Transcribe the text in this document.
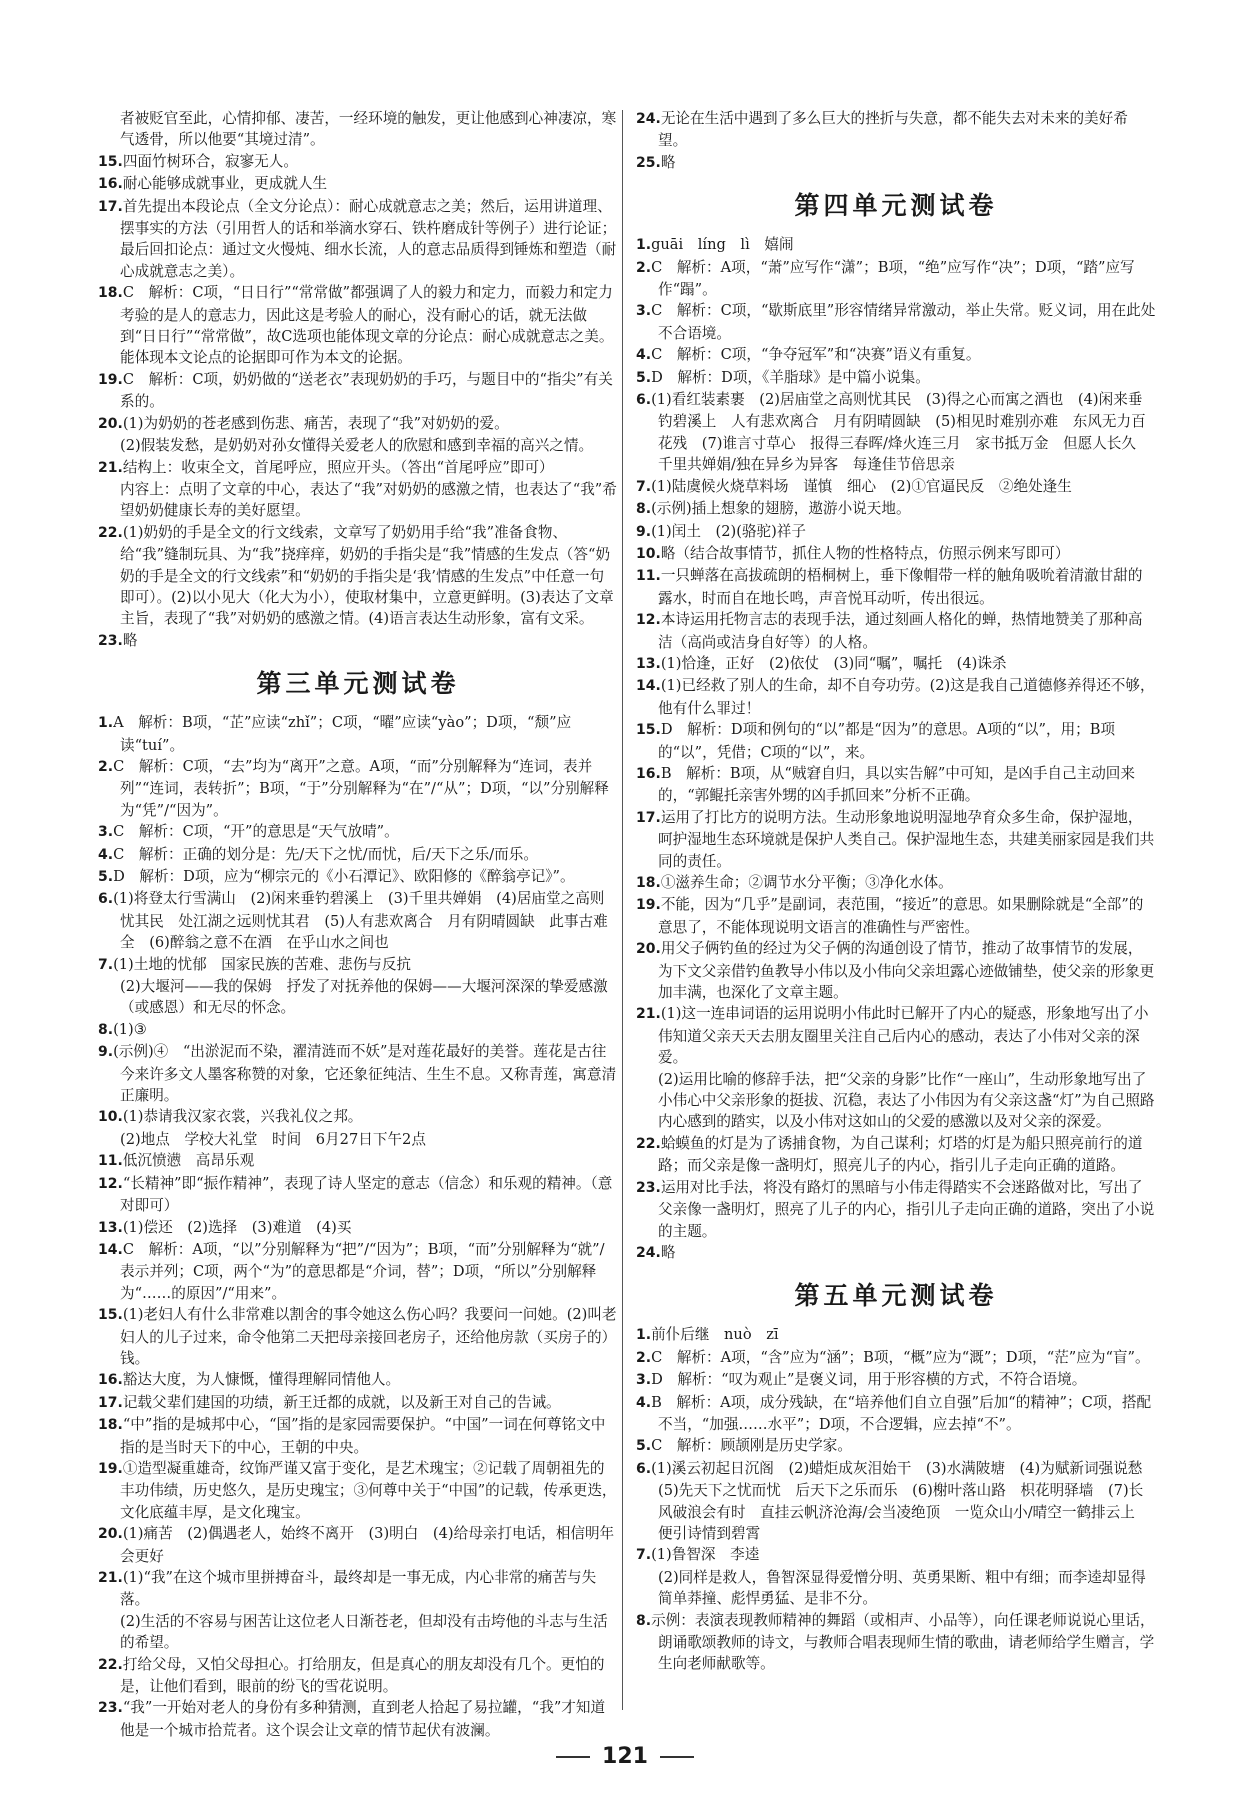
者被贬官至此，心情抑郁、凄苦，一经环境的触发，更让他感到心神凄凉，寒气透骨，所以他要“其境过清”。

15.四面竹树环合，寂寥无人。

16.耐心能够成就事业，更成就人生

17.首先提出本段论点（全文分论点）：耐心成就意志之美；然后，运用讲道理、摆事实的方法（引用哲人的话和举滴水穿石、铁杵磨成针等例子）进行论证；最后回扣论点：通过文火慢炖、细水长流，人的意志品质得到锤炼和塑造（耐心成就意志之美）。

18.C　解析：C项，“日日行”“常常做”都强调了人的毅力和定力，而毅力和定力考验的是人的意志力，因此这是考验人的耐心，没有耐心的话，就无法做到“日日行”“常常做”，故C选项也能体现文章的分论点：耐心成就意志之美。能体现本文论点的论据即可作为本文的论据。

19.C　解析：C项，奶奶做的“送老衣”表现奶奶的手巧，与题目中的“指尖”有关系的。

20.(1)为奶奶的苍老感到伤悲、痛苦，表现了“我”对奶奶的爱。

(2)假装发愁，是奶奶对孙女懂得关爱老人的欣慰和感到幸福的高兴之情。

21.结构上：收束全文，首尾呼应，照应开头。（答出“首尾呼应”即可）

内容上：点明了文章的中心，表达了“我”对奶奶的感激之情，也表达了“我”希望奶奶健康长寿的美好愿望。

22.(1)奶奶的手是全文的行文线索，文章写了奶奶用手给“我”准备食物、给“我”缝制玩具、为“我”挠痒痒，奶奶的手指尖是“我”情感的生发点（答“奶奶的手是全文的行文线索”和“奶奶的手指尖是‘我’情感的生发点”中任意一句即可）。(2)以小见大（化大为小），使取材集中，立意更鲜明。(3)表达了文章主旨，表现了“我”对奶奶的感激之情。(4)语言表达生动形象，富有文采。

23.略

第三单元测试卷

1.A　解析：B项，“芷”应读“zhǐ”；C项，“曜”应读“yào”；D项，“颓”应读“tuí”。

2.C　解析：C项，“去”均为“离开”之意。A项，“而”分别解释为“连词，表并列”“连词，表转折”；B项，“于”分别解释为“在”/“从”；D项，“以”分别解释为“凭”/“因为”。

3.C　解析：C项，“开”的意思是“天气放晴”。

4.C　解析：正确的划分是：先/天下之忧/而忧，后/天下之乐/而乐。

5.D　解析：D项，应为“柳宗元的《小石潭记》、欧阳修的《醉翁亭记》”。

6.(1)将登太行雪满山　(2)闲来垂钓碧溪上　(3)千里共婵娟　(4)居庙堂之高则忧其民　处江湖之远则忧其君　(5)人有悲欢离合　月有阴晴圆缺　此事古难全　(6)醉翁之意不在酒　在乎山水之间也

7.(1)土地的忧郁　国家民族的苦难、悲伤与反抗

(2)大堰河——我的保姆　抒发了对抚养他的保姆——大堰河深深的挚爱感激（或感恩）和无尽的怀念。

8.(1)③

9.(示例)④　“出淤泥而不染，濯清涟而不妖”是对莲花最好的美誉。莲花是古往今来许多文人墨客称赞的对象，它还象征纯洁、生生不息。又称青莲，寓意清正廉明。

10.(1)恭请我汉家衣裳，兴我礼仪之邦。

(2)地点　学校大礼堂　时间　6月27日下午2点

11.低沉愤懑　高昂乐观

12.“长精神”即“振作精神”，表现了诗人坚定的意志（信念）和乐观的精神。（意对即可）

13.(1)偿还　(2)选择　(3)难道　(4)买

14.C　解析：A项，“以”分别解释为“把”/“因为”；B项，“而”分别解释为“就”/表示并列；C项，两个“为”的意思都是“介词，替”；D项，“所以”分别解释为“……的原因”/“用来”。

15.(1)老妇人有什么非常难以割舍的事令她这么伤心吗？我要问一问她。(2)叫老妇人的儿子过来，命令他第二天把母亲接回老房子，还给他房款（买房子的）钱。

16.豁达大度，为人慷慨，懂得理解同情他人。

17.记载父辈们建国的功绩，新王迁都的成就，以及新王对自己的告诫。

18.“中”指的是城邦中心，“国”指的是家园需要保护。“中国”一词在何尊铭文中指的是当时天下的中心，王朝的中央。

19.①造型凝重雄奇，纹饰严谨又富于变化，是艺术瑰宝；②记载了周朝祖先的丰功伟绩，历史悠久，是历史瑰宝；③何尊中关于“中国”的记载，传承更迭，文化底蕴丰厚，是文化瑰宝。

20.(1)痛苦　(2)偶遇老人，始终不离开　(3)明白　(4)给母亲打电话，相信明年会更好

21.(1)“我”在这个城市里拼搏奋斗，最终却是一事无成，内心非常的痛苦与失落。

(2)生活的不容易与困苦让这位老人日渐苍老，但却没有击垮他的斗志与生活的希望。

22.打给父母，又怕父母担心。打给朋友，但是真心的朋友却没有几个。更怕的是，让他们看到，眼前的纷飞的雪花说明。

23.“我”一开始对老人的身份有多种猜测，直到老人拾起了易拉罐，“我”才知道他是一个城市拾荒者。这个误会让文章的情节起伏有波澜。

24.无论在生活中遇到了多么巨大的挫折与失意，都不能失去对未来的美好希望。

25.略

第四单元测试卷

1.guāi　líng　lì　嬉闹

2.C　解析：A项，“萧”应写作“潇”；B项，“绝”应写作“决”；D项，“踏”应写作“蹋”。

3.C　解析：C项，“歇斯底里”形容情绪异常激动，举止失常。贬义词，用在此处不合语境。

4.C　解析：C项，“争夺冠军”和“决赛”语义有重复。

5.D　解析：D项，《羊脂球》是中篇小说集。

6.(1)看红装素裹　(2)居庙堂之高则忧其民　(3)得之心而寓之酒也　(4)闲来垂钓碧溪上　人有悲欢离合　月有阴晴圆缺　(5)相见时难别亦难　东风无力百花残　(7)谁言寸草心　报得三春晖/烽火连三月　家书抵万金　但愿人长久　千里共婵娟/独在异乡为异客　每逢佳节倍思亲

7.(1)陆虞候火烧草料场　谨慎　细心　(2)①官逼民反　②绝处逢生

8.(示例)插上想象的翅膀，遨游小说天地。

9.(1)闰土　(2)(骆驼)祥子

10.略（结合故事情节，抓住人物的性格特点，仿照示例来写即可）

11.一只蝉落在高拔疏朗的梧桐树上，垂下像帽带一样的触角吸吮着清澈甘甜的露水，时而自在地长鸣，声音悦耳动听，传出很远。

12.本诗运用托物言志的表现手法，通过刻画人格化的蝉，热情地赞美了那种高洁（高尚或洁身自好等）的人格。

13.(1)恰逢，正好　(2)依仗　(3)同“嘱”，嘱托　(4)诛杀

14.(1)已经救了别人的生命，却不自夸功劳。(2)这是我自己道德修养得还不够，他有什么罪过！

15.D　解析：D项和例句的“以”都是“因为”的意思。A项的“以”，用；B项的“以”，凭借；C项的“以”，来。

16.B　解析：B项，从“贼窘自归，具以实告解”中可知，是凶手自己主动回来的，“郭鲲托亲害外甥的凶手抓回来”分析不正确。

17.运用了打比方的说明方法。生动形象地说明湿地孕育众多生命，保护湿地，呵护湿地生态环境就是保护人类自己。保护湿地生态，共建美丽家园是我们共同的责任。

18.①滋养生命；②调节水分平衡；③净化水体。

19.不能，因为“几乎”是副词，表范围，“接近”的意思。如果删除就是“全部”的意思了，不能体现说明文语言的准确性与严密性。

20.用父子俩钓鱼的经过为父子俩的沟通创设了情节，推动了故事情节的发展，为下文父亲借钓鱼教导小伟以及小伟向父亲坦露心迹做铺垫，使父亲的形象更加丰满，也深化了文章主题。

21.(1)这一连串词语的运用说明小伟此时已解开了内心的疑惑，形象地写出了小伟知道父亲天天去朋友圈里关注自己后内心的感动，表达了小伟对父亲的深爱。

(2)运用比喻的修辞手法，把“父亲的身影”比作“一座山”，生动形象地写出了小伟心中父亲形象的挺拔、沉稳，表达了小伟因为有父亲这盏“灯”为自己照路内心感到的踏实，以及小伟对这如山的父爱的感激以及对父亲的深爱。

22.蛤蟆鱼的灯是为了诱捕食物，为自己谋利；灯塔的灯是为船只照亮前行的道路；而父亲是像一盏明灯，照亮儿子的内心，指引儿子走向正确的道路。

23.运用对比手法，将没有路灯的黑暗与小伟走得踏实不会迷路做对比，写出了父亲像一盏明灯，照亮了儿子的内心，指引儿子走向正确的道路，突出了小说的主题。

24.略

第五单元测试卷

1.前仆后继　nuò　zī

2.C　解析：A项，“含”应为“涵”；B项，“概”应为“溉”；D项，“茫”应为“盲”。

3.D　解析：“叹为观止”是褒义词，用于形容横的方式，不符合语境。

4.B　解析：A项，成分残缺，在“培养他们自立自强”后加“的精神”；C项，搭配不当，“加强……水平”；D项，不合逻辑，应去掉“不”。

5.C　解析：顾颉刚是历史学家。

6.(1)溪云初起日沉阁　(2)蜡炬成灰泪始干　(3)水满陂塘　(4)为赋新词强说愁　(5)先天下之忧而忧　后天下之乐而乐　(6)榭叶落山路　枳花明驿墙　(7)长风破浪会有时　直挂云帆济沧海/会当凌绝顶　一览众山小/晴空一鹤排云上　便引诗情到碧霄

7.(1)鲁智深　李逵

(2)同样是救人，鲁智深显得爱憎分明、英勇果断、粗中有细；而李逵却显得简单莽撞、彪悍勇猛、是非不分。

8.示例：表演表现教师精神的舞蹈（或相声、小品等），向任课老师说说心里话，朗诵歌颂教师的诗文，与教师合唱表现师生情的歌曲，请老师给学生赠言，学生向老师献歌等。

121
